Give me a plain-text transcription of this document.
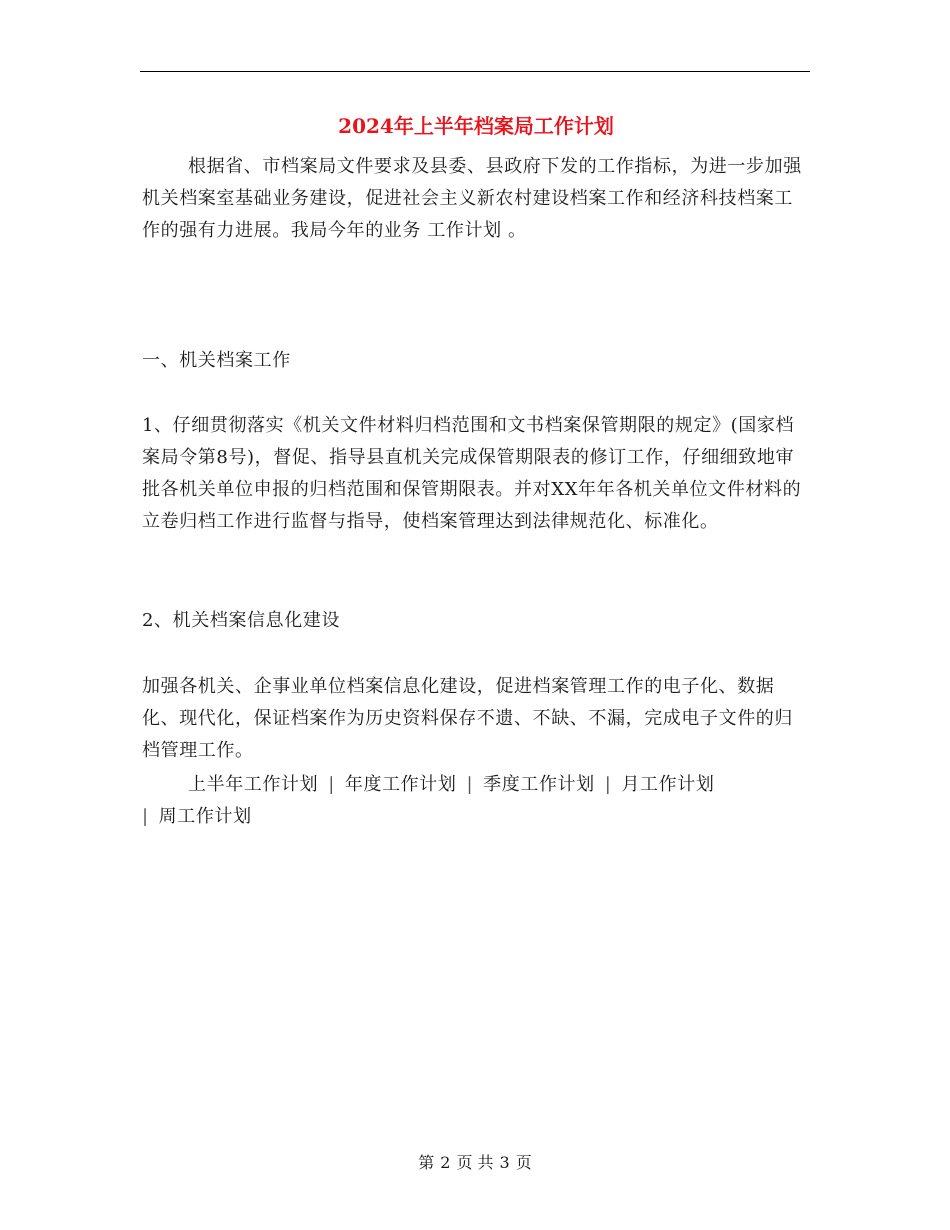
2024年上半年档案局工作计划

根据省、市档案局文件要求及县委、县政府下发的工作指标，为进一步加强机关档案室基础业务建设，促进社会主义新农村建设档案工作和经济科技档案工作的强有力进展。我局今年的业务 工作计划 。

一、机关档案工作

1、仔细贯彻落实《机关文件材料归档范围和文书档案保管期限的规定》(国家档案局令第8号)，督促、指导县直机关完成保管期限表的修订工作，仔细细致地审批各机关单位申报的归档范围和保管期限表。并对XX年年各机关单位文件材料的立卷归档工作进行监督与指导，使档案管理达到法律规范化、标准化。

2、机关档案信息化建设

加强各机关、企事业单位档案信息化建设，促进档案管理工作的电子化、数据化、现代化，保证档案作为历史资料保存不遗、不缺、不漏，完成电子文件的归档管理工作。

上半年工作计划 | 年度工作计划 | 季度工作计划 | 月工作计划
| 周工作计划

第 2 页 共 3 页
